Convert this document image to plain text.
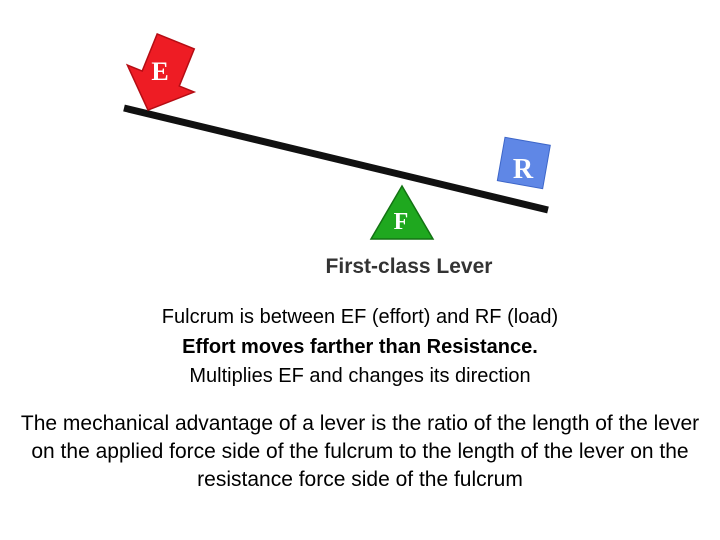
E
R
F
First-class Lever

Fulcrum is between EF (effort) and RF (load)

Effort moves farther than Resistance.

Multiplies EF and changes its direction

The mechanical advantage of a lever is the ratio of the length of the lever on the applied force side of the fulcrum to the length of the lever on the resistance force side of the fulcrum
